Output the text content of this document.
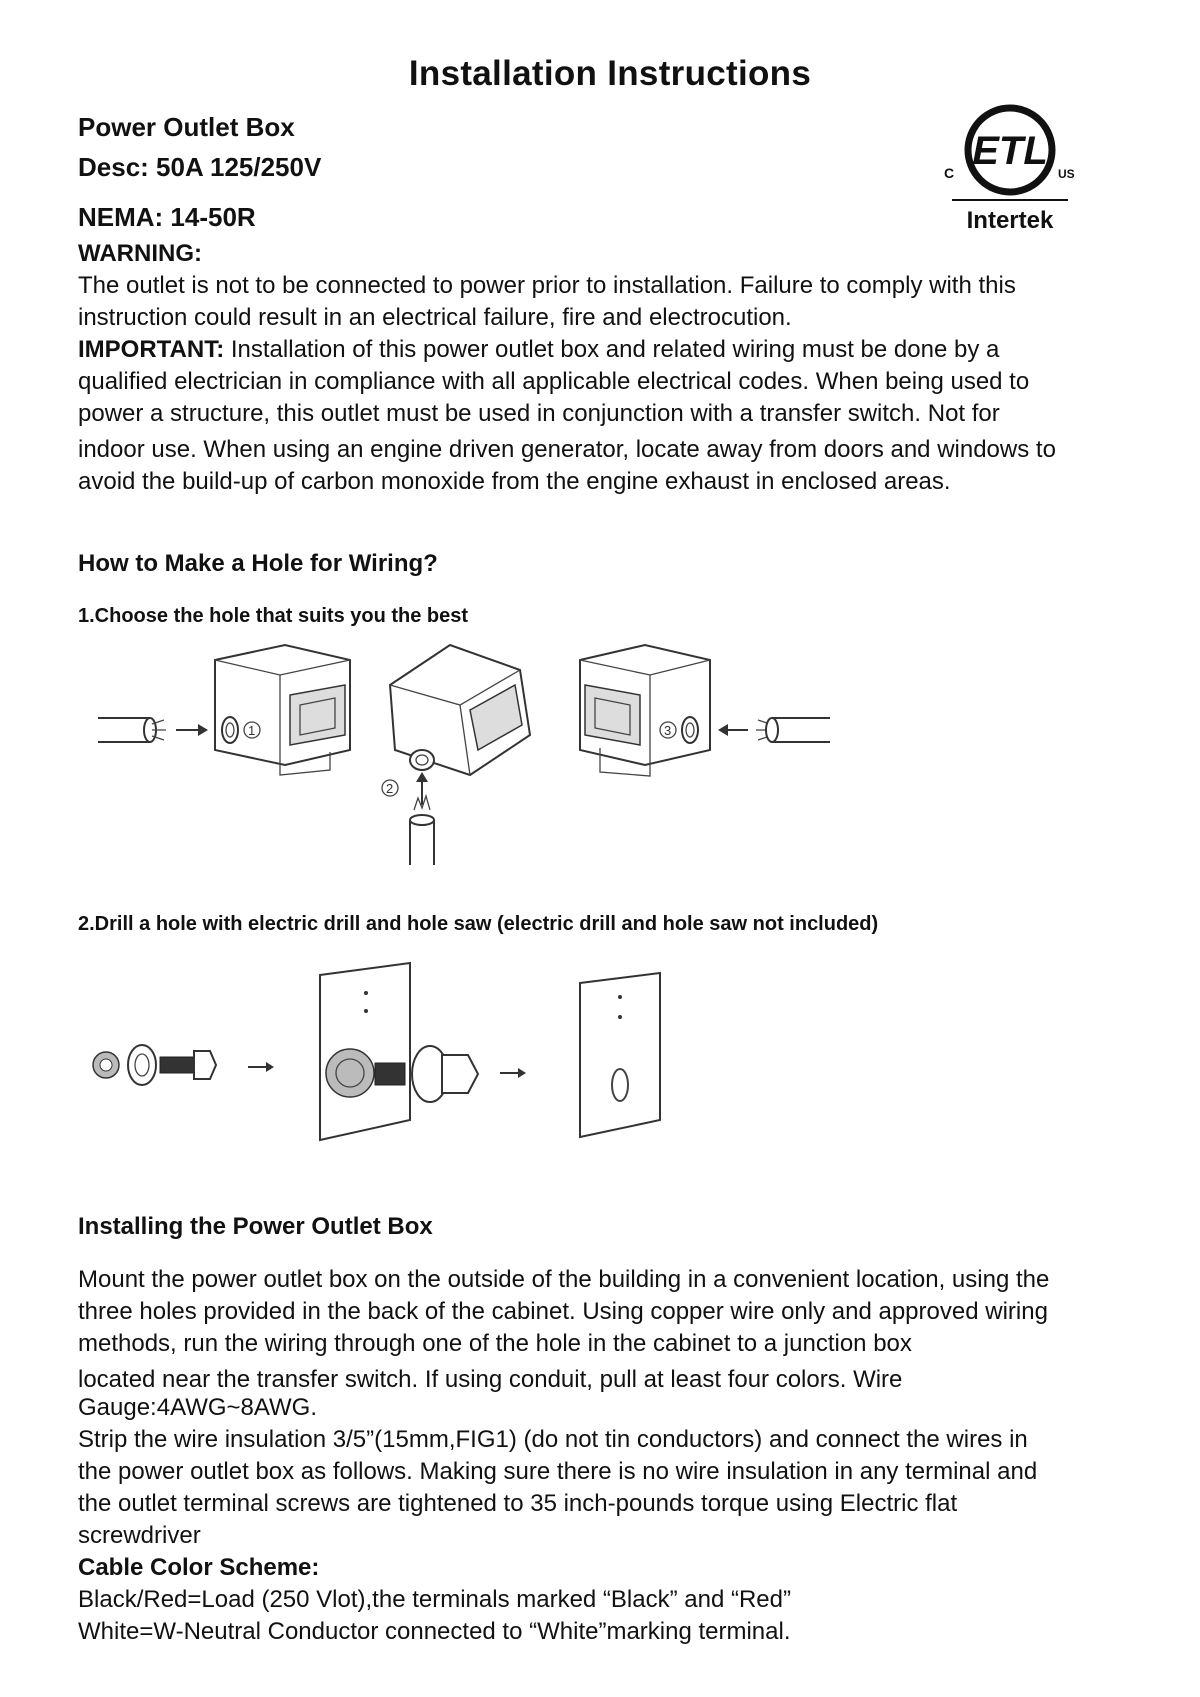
Installation Instructions
Power Outlet Box
Desc: 50A 125/250V
NEMA: 14-50R
ETL
C	US
Intertek
WARNING:

The outlet is not to be connected to power prior to installation. Failure to comply with this

instruction could result in an electrical failure, fire and electrocution.

IMPORTANT: Installation of this power outlet box and related wiring must be done by a

qualified electrician in compliance with all applicable electrical codes. When being used to

power a structure, this outlet must be used in conjunction with a transfer switch. Not for

indoor use. When using an engine driven generator, locate away from doors and windows to

avoid the build-up of carbon monoxide from the engine exhaust in enclosed areas.

How to Make a Hole for Wiring?
1.Choose the hole that suits you the best
1
2
3
2.Drill a hole with electric drill and hole saw (electric drill and hole saw not included)
Installing the Power Outlet Box

Mount the power outlet box on the outside of the building in a convenient location, using the

three holes provided in the back of the cabinet. Using copper wire only and approved wiring

methods, run the wiring through one of the hole in the cabinet to a junction box

located near the transfer switch. If using conduit, pull at least four colors. Wire

Gauge:4AWG~8AWG.

Strip the wire insulation 3/5”(15mm,FIG1) (do not tin conductors) and connect the wires in

the power outlet box as follows. Making sure there is no wire insulation in any terminal and

the outlet terminal screws are tightened to 35 inch-pounds torque using Electric flat

screwdriver

Cable Color Scheme:

Black/Red=Load (250 Vlot),the terminals marked “Black” and “Red”

White=W-Neutral Conductor connected to “White”marking terminal.
